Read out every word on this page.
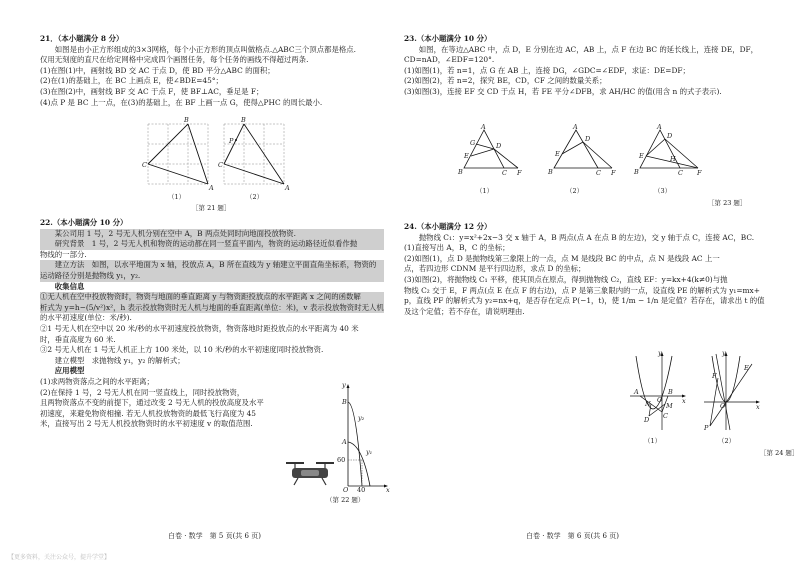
21．（本小题满分 8 分）
　　如图是由小正方形组成的3×3网格，每个小正方形的顶点叫做格点.△ABC三个顶点都是格点.
仅用无刻度的直尺在给定网格中完成四个画图任务，每个任务的画线不得超过两条.
(1)在图(1)中，画射线 BD 交 AC 于点 D，使 BD 平分△ABC 的面积；
(2)在(1)的基础上，在 BC 上画点 E，使∠BDE=45°；
(3)在图(2)中，画射线 BF 交 AC 于点 F，使 BF⊥AC，垂足是 F；
(4)点 P 是 BC 上一点，在(3)的基础上，在 BF 上画一点 G，使得△PHC 的周长最小.
B
C
A
（1）
B
P
C
A
（2）
［第 21 题］
22.（本小题满分 10 分）
　　某公司用 1 号，2 号无人机分别在空中 A，B 两点处同时向地面投放物资.
　　研究背景　1 号，2 号无人机和物资的运动都在同一竖直平面内，物资的运动路径近似看作抛
物线的一部分.
　　建立方法　如图，以水平地面为 x 轴，投放点 A，B 所在直线为 y 轴建立平面直角坐标系，物资的
运动路径分别是抛物线 y₁，y₂.
　　收集信息
①无人机在空中投放物资时，物资与地面的垂直距离 y 与物资距投放点的水平距离 x 之间的函数解
析式为 y=h−(5/v²)x²，h 表示投放物资时无人机与地面的垂直距离(单位：米)，v 表示投放物资时无人机
的水平初速度(单位：米/秒).
②1 号无人机在空中以 20 米/秒的水平初速度投放物资，物资落地时距投放点的水平距离为 40 米
时，垂直高度为 60 米.
③2 号无人机在 1 号无人机正上方 100 米处，以 10 米/秒的水平初速度同时投放物资.
　　建立模型　求抛物线 y₁，y₂ 的解析式；
　　应用模型
(1)求两物资落点之间的水平距离；
(2)在保持 1 号，2 号无人机在同一竖直线上，同时投放物资，
且两物资落点不变的前提下，通过改变 2 号无人机的投放高度及水平
初速度，来避免物资相撞. 若无人机投放物资的最低飞行高度为 45
米，直接写出 2 号无人机投放物资时的水平初速度 v 的取值范围.
y
x
O 40
60
B
A
y₂
y₁
（第 22 题）
白卷 · 数学　第 5 页(共 6 页)
23.（本小题满分 10 分）
　　如图，在等边△ABC 中，点 D，E 分别在边 AC，AB 上，点 F 在边 BC 的延长线上，连接 DE，DF，
CD=nAD，∠EDF=120°.
(1)如图(1)，若 n=1，点 G 在 AB 上，连接 DG，∠GDC=∠EDF，求证：DE=DF；
(2)如图(2)，若 n=2，探究 BE，CD，CF 之间的数量关系；
(3)如图(3)，连接 EF 交 CD 于点 H，若 FE 平分∠DFB，求 AH/HC 的值(用含 n 的式子表示).
A
B	C F
D
E
G
（1）
A
B	C F
D
E
（2）
A
B	C F
D
E	H
（3）
［第 23 题］
24.（本小题满分 12 分）
　　抛物线 C₁：y=x²+2x−3 交 x 轴于 A，B 两点(点 A 在点 B 的左边)，交 y 轴于点 C，连接 AC，BC.
(1)直接写出 A，B，C 的坐标；
(2)如图(1)，点 D 是抛物线第三象限上的一点，点 M 是线段 BC 的中点，点 N 是线段 AC 上一
点，若四边形 CDNM 是平行四边形，求点 D 的坐标；
(3)如图(2)，将抛物线 C₁ 平移，使其顶点在原点，得到抛物线 C₂，直线 EF：y=kx+4(k≠0)与抛
物线 C₂ 交于 E，F 两点(点 E 在点 F 的右边)，点 P 是第三象限内的一点，设直线 PE 的解析式为 y₁=mx+
p，直线 PF 的解析式为 y₂=nx+q，是否存在定点 P(−1，t)，使 1/m − 1/n 是定值？若存在，请求出 t 的值
及这个定值；若不存在，请说明理由.
A	B
C
O
M
N
D
y
x
（1）
E
F
P
O
y
x
（2）
［第 24 题］
白卷 · 数学　第 6 页(共 6 页)
【更多资料，关注公众号，提升学堂】
